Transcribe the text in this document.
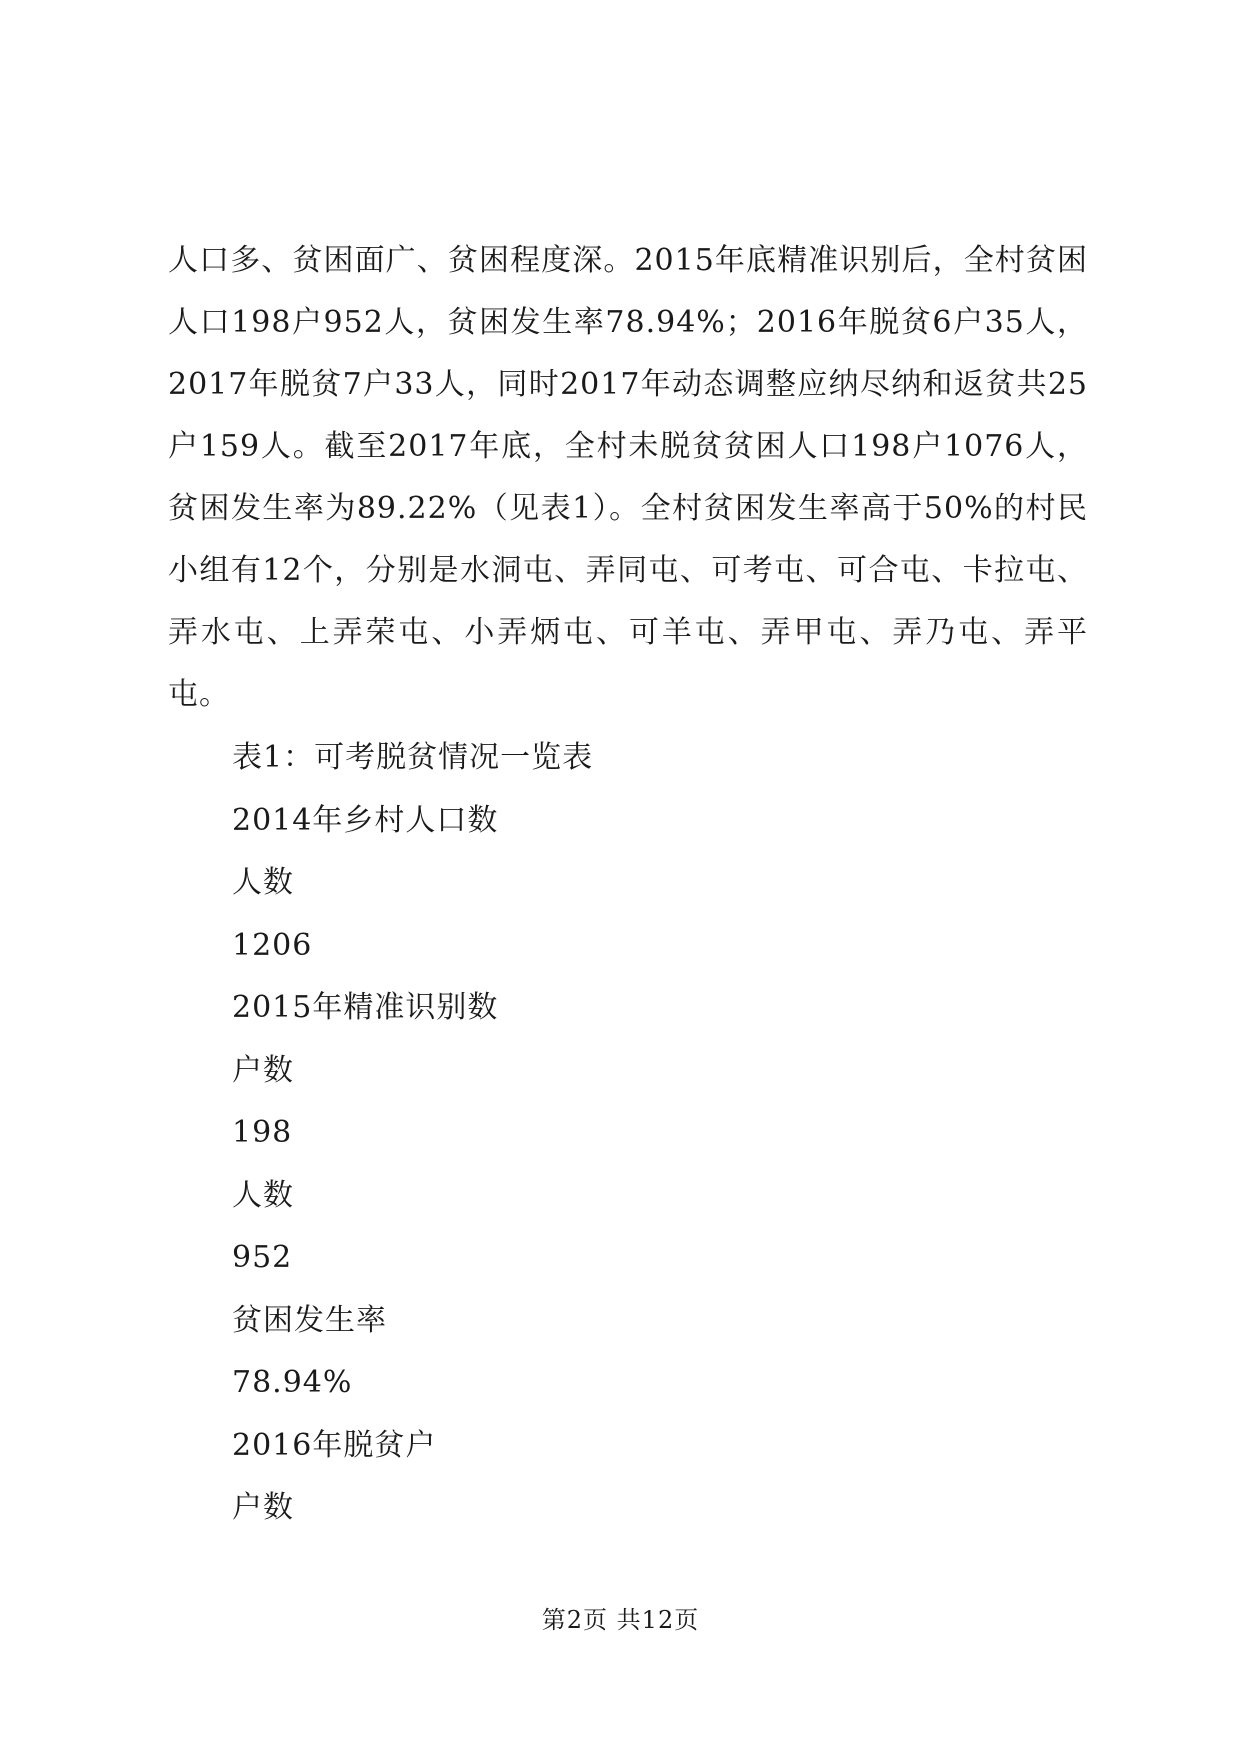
人口多、贫困面广、贫困程度深。2015年底精准识别后，全村贫困人口198户952人，贫困发生率78.94%；2016年脱贫6户35人，2017年脱贫7户33人，同时2017年动态调整应纳尽纳和返贫共25户159人。截至2017年底，全村未脱贫贫困人口198户1076人，贫困发生率为89.22%（见表1）。全村贫困发生率高于50%的村民小组有12个，分别是水洞屯、弄同屯、可考屯、可合屯、卡拉屯、弄水屯、上弄荣屯、小弄炳屯、可羊屯、弄甲屯、弄乃屯、弄平屯。

表1：可考脱贫情况一览表

2014年乡村人口数

人数

1206

2015年精准识别数

户数

198

人数

952

贫困发生率

78.94%

2016年脱贫户

户数

第2页 共12页
